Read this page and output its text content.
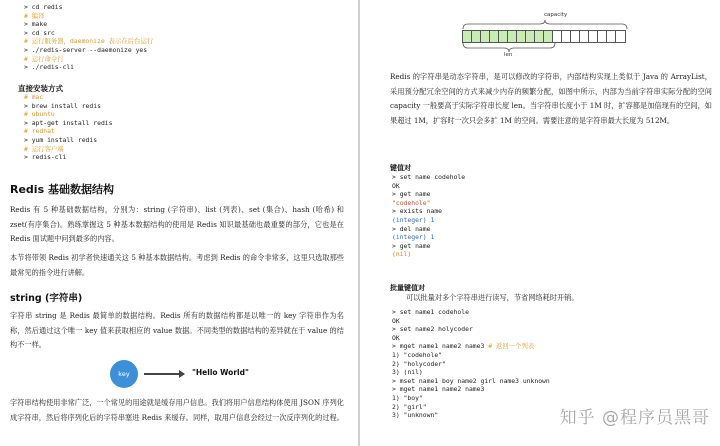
> cd redis
# 编译
> make
> cd src
# 运行服务器，daemonize 表示在后台运行
> ./redis-server --daemonize yes
# 运行命令行
> ./redis-cli
直接安装方式
# mac
> brew install redis
# ubuntu
> apt-get install redis
# redhat
> yum install redis
# 运行客户端
> redis-cli
Redis 基础数据结构
Redis 有 5 种基础数据结构，分别为：string (字符串)、list (列表)、set (集合)、hash (哈希) 和 zset(有序集合)。熟练掌握这 5 种基本数据结构的使用是 Redis 知识最基础也最重要的部分，它也是在 Redis 面试题中问到最多的内容。
本节将带领 Redis 初学者快速通关这 5 种基本数据结构。考虑到 Redis 的命令非常多，这里只选取那些最常见的指令进行讲解。
string (字符串)
字符串 string 是 Redis 最简单的数据结构。Redis 所有的数据结构都是以唯一的 key 字符串作为名称，然后通过这个唯一 key 值来获取相应的 value 数据。不同类型的数据结构的差异就在于 value 的结构不一样。
key	"Hello World"
字符串结构使用非常广泛，一个常见的用途就是缓存用户信息。我们将用户信息结构体使用 JSON 序列化成字符串，然后将序列化后的字符串塞进 Redis 来缓存。同样，取用户信息会经过一次反序列化的过程。
capacity
len
Redis 的字符串是动态字符串，是可以修改的字符串，内部结构实现上类似于 Java 的 ArrayList，采用预分配冗余空间的方式来减少内存的频繁分配，如图中所示，内部为当前字符串实际分配的空间 capacity 一般要高于实际字符串长度 len。当字符串长度小于 1M 时，扩容都是加倍现有的空间，如果超过 1M，扩容时一次只会多扩 1M 的空间。需要注意的是字符串最大长度为 512M。
键值对
> set name codehole
OK
> get name
"codehole"
> exists name
(integer) 1
> del name
(integer) 1
> get name
(nil)
批量键值对
可以批量对多个字符串进行读写，节省网络耗时开销。
> set name1 codehole
OK
> set name2 holycoder
OK
> mget name1 name2 name3 # 返回一个列表
1) "codehole"
2) "holycoder"
3) (nil)
> mset name1 boy name2 girl name3 unknown
> mget name1 name2 name3
1) "boy"
2) "girl"
3) "unknown"	知乎 @程序员黑哥
